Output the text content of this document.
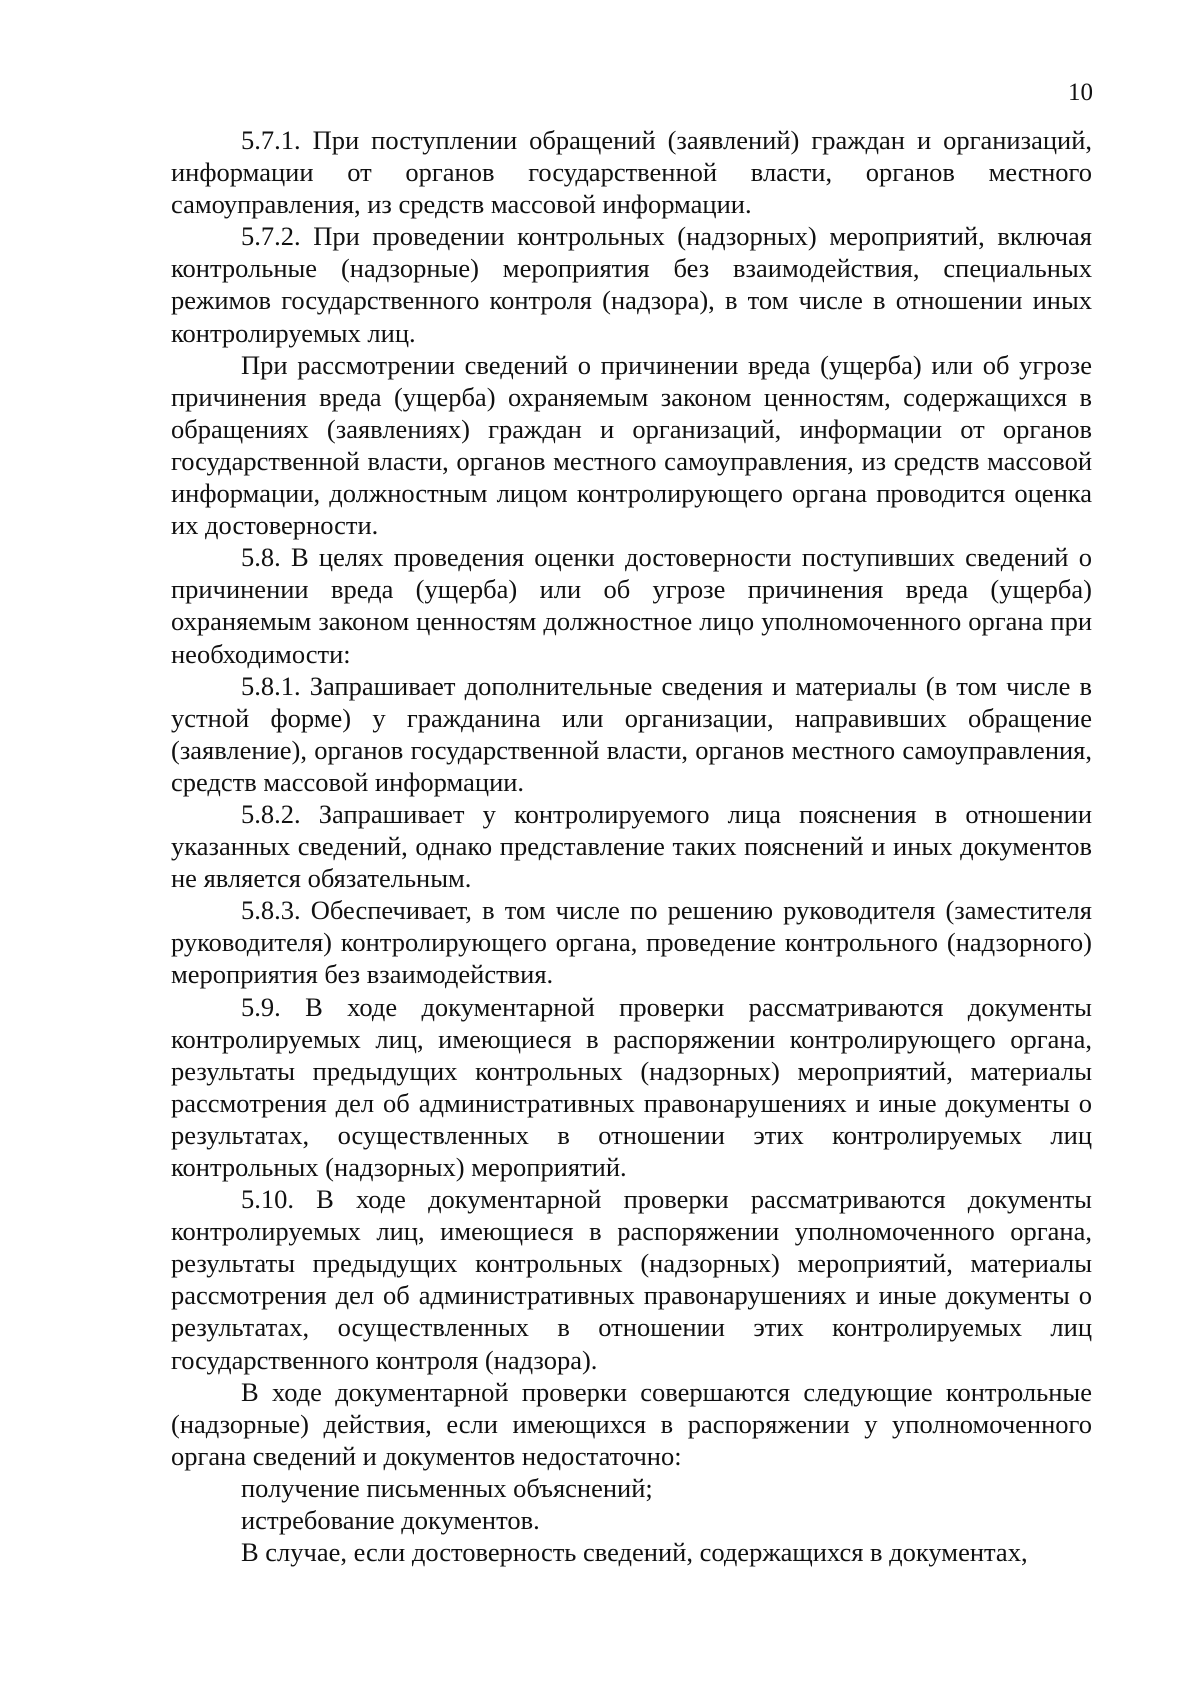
10

5.7.1. При поступлении обращений (заявлений) граждан и организаций, информации от органов государственной власти, органов местного самоуправления, из средств массовой информации.

5.7.2. При проведении контрольных (надзорных) мероприятий, включая контрольные (надзорные) мероприятия без взаимодействия, специальных режимов государственного контроля (надзора), в том числе в отношении иных контролируемых лиц.

При рассмотрении сведений о причинении вреда (ущерба) или об угрозе причинения вреда (ущерба) охраняемым законом ценностям, содержащихся в обращениях (заявлениях) граждан и организаций, информации от органов государственной власти, органов местного самоуправления, из средств массовой информации, должностным лицом контролирующего органа проводится оценка их достоверности.

5.8. В целях проведения оценки достоверности поступивших сведений о причинении вреда (ущерба) или об угрозе причинения вреда (ущерба) охраняемым законом ценностям должностное лицо уполномоченного органа при необходимости:

5.8.1. Запрашивает дополнительные сведения и материалы (в том числе в устной форме) у гражданина или организации, направивших обращение (заявление), органов государственной власти, органов местного самоуправления, средств массовой информации.

5.8.2. Запрашивает у контролируемого лица пояснения в отношении указанных сведений, однако представление таких пояснений и иных документов не является обязательным.

5.8.3. Обеспечивает, в том числе по решению руководителя (заместителя руководителя) контролирующего органа, проведение контрольного (надзорного) мероприятия без взаимодействия.

5.9. В ходе документарной проверки рассматриваются документы контролируемых лиц, имеющиеся в распоряжении контролирующего органа, результаты предыдущих контрольных (надзорных) мероприятий, материалы рассмотрения дел об административных правонарушениях и иные документы о результатах, осуществленных в отношении этих контролируемых лиц контрольных (надзорных) мероприятий.

5.10. В ходе документарной проверки рассматриваются документы контролируемых лиц, имеющиеся в распоряжении уполномоченного органа, результаты предыдущих контрольных (надзорных) мероприятий, материалы рассмотрения дел об административных правонарушениях и иные документы о результатах, осуществленных в отношении этих контролируемых лиц государственного контроля (надзора).

В ходе документарной проверки совершаются следующие контрольные (надзорные) действия, если имеющихся в распоряжении у уполномоченного органа сведений и документов недостаточно:

получение письменных объяснений;

истребование документов.

В случае, если достоверность сведений, содержащихся в документах,
